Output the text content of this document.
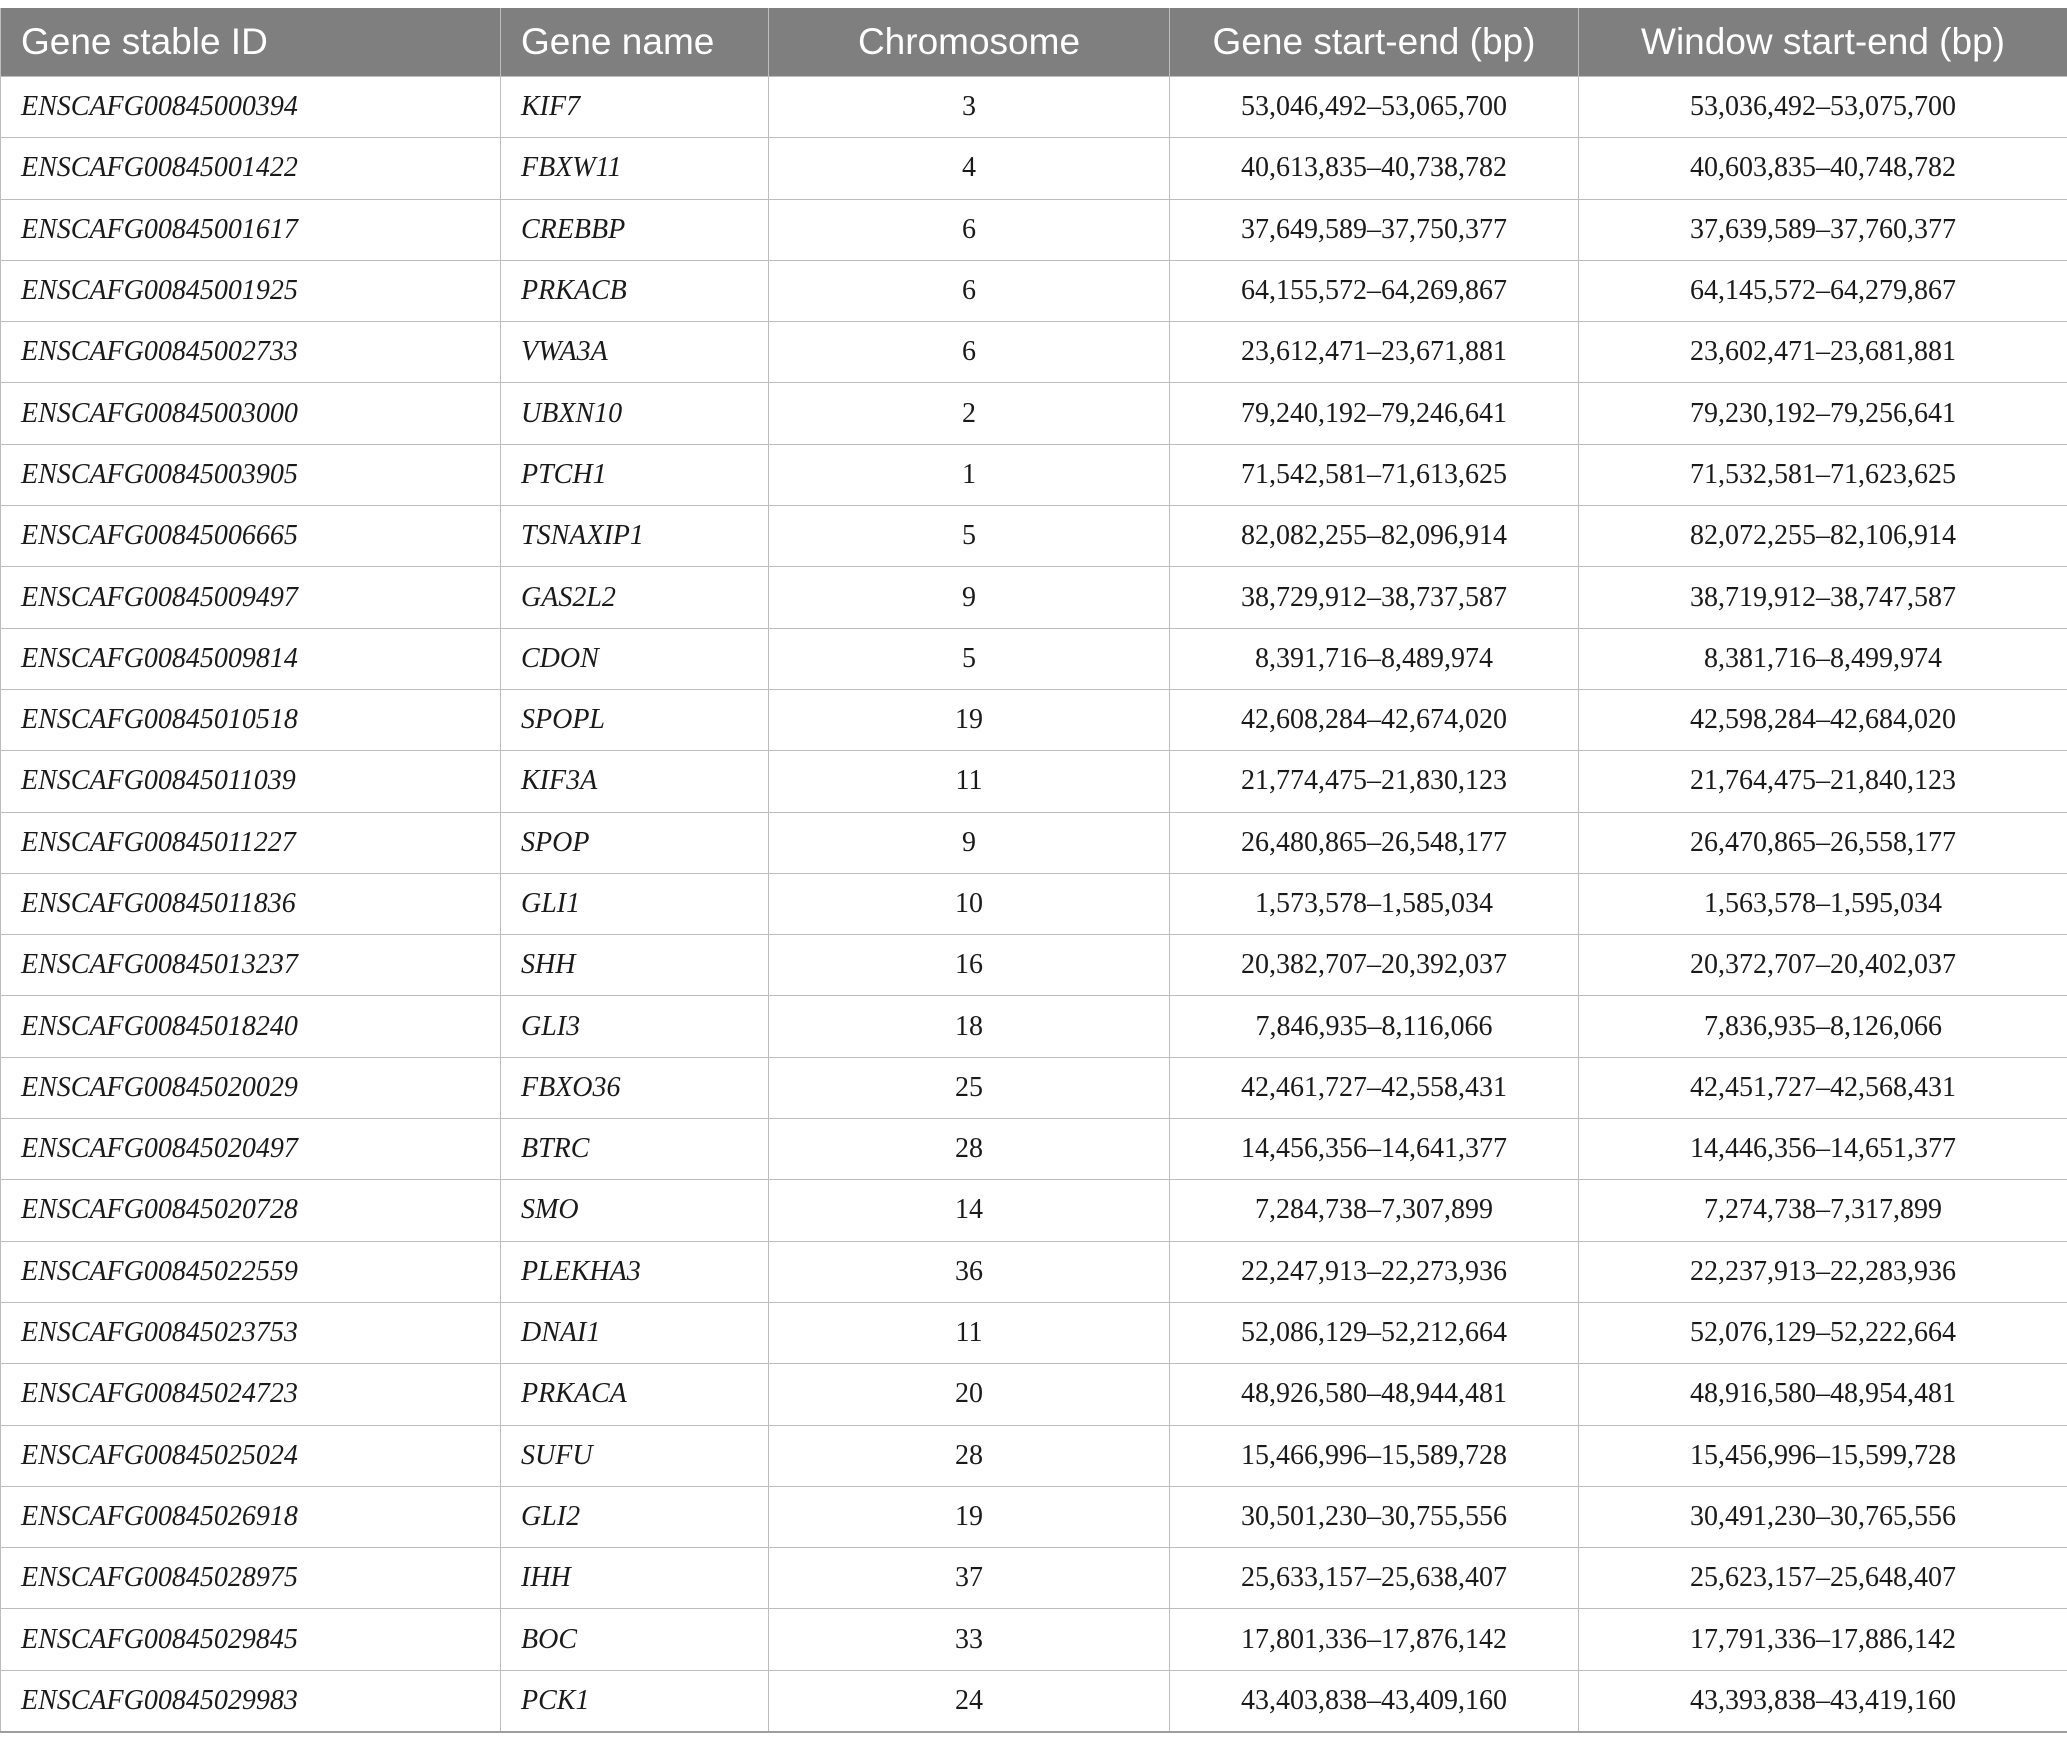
Gene stable ID	Gene name	Chromosome	Gene start-end (bp)	Window start-end (bp)
ENSCAFG00845000394	KIF7	3	53,046,492–53,065,700	53,036,492–53,075,700
ENSCAFG00845001422	FBXW11	4	40,613,835–40,738,782	40,603,835–40,748,782
ENSCAFG00845001617	CREBBP	6	37,649,589–37,750,377	37,639,589–37,760,377
ENSCAFG00845001925	PRKACB	6	64,155,572–64,269,867	64,145,572–64,279,867
ENSCAFG00845002733	VWA3A	6	23,612,471–23,671,881	23,602,471–23,681,881
ENSCAFG00845003000	UBXN10	2	79,240,192–79,246,641	79,230,192–79,256,641
ENSCAFG00845003905	PTCH1	1	71,542,581–71,613,625	71,532,581–71,623,625
ENSCAFG00845006665	TSNAXIP1	5	82,082,255–82,096,914	82,072,255–82,106,914
ENSCAFG00845009497	GAS2L2	9	38,729,912–38,737,587	38,719,912–38,747,587
ENSCAFG00845009814	CDON	5	8,391,716–8,489,974	8,381,716–8,499,974
ENSCAFG00845010518	SPOPL	19	42,608,284–42,674,020	42,598,284–42,684,020
ENSCAFG00845011039	KIF3A	11	21,774,475–21,830,123	21,764,475–21,840,123
ENSCAFG00845011227	SPOP	9	26,480,865–26,548,177	26,470,865–26,558,177
ENSCAFG00845011836	GLI1	10	1,573,578–1,585,034	1,563,578–1,595,034
ENSCAFG00845013237	SHH	16	20,382,707–20,392,037	20,372,707–20,402,037
ENSCAFG00845018240	GLI3	18	7,846,935–8,116,066	7,836,935–8,126,066
ENSCAFG00845020029	FBXO36	25	42,461,727–42,558,431	42,451,727–42,568,431
ENSCAFG00845020497	BTRC	28	14,456,356–14,641,377	14,446,356–14,651,377
ENSCAFG00845020728	SMO	14	7,284,738–7,307,899	7,274,738–7,317,899
ENSCAFG00845022559	PLEKHA3	36	22,247,913–22,273,936	22,237,913–22,283,936
ENSCAFG00845023753	DNAI1	11	52,086,129–52,212,664	52,076,129–52,222,664
ENSCAFG00845024723	PRKACA	20	48,926,580–48,944,481	48,916,580–48,954,481
ENSCAFG00845025024	SUFU	28	15,466,996–15,589,728	15,456,996–15,599,728
ENSCAFG00845026918	GLI2	19	30,501,230–30,755,556	30,491,230–30,765,556
ENSCAFG00845028975	IHH	37	25,633,157–25,638,407	25,623,157–25,648,407
ENSCAFG00845029845	BOC	33	17,801,336–17,876,142	17,791,336–17,886,142
ENSCAFG00845029983	PCK1	24	43,403,838–43,409,160	43,393,838–43,419,160
